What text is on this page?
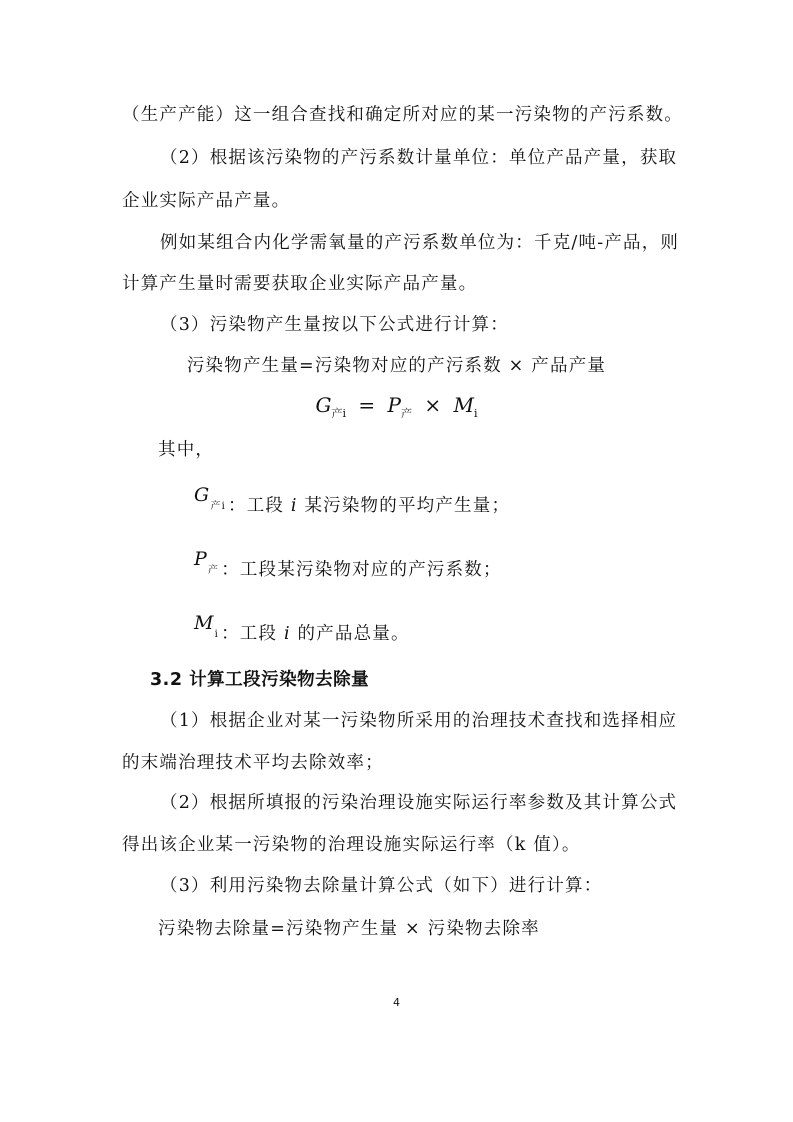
（生产产能）这一组合查找和确定所对应的某一污染物的产污系数。
（2）根据该污染物的产污系数计量单位：单位产品产量，获取
企业实际产品产量。
例如某组合内化学需氧量的产污系数单位为：千克/吨-产品，则
计算产生量时需要获取企业实际产品产量。
（3）污染物产生量按以下公式进行计算：
污染物产生量=污染物对应的产污系数 × 产品产量
$G_{产i} = P_产 \times M_i$
其中，
G产i ：工段 i 某污染物的平均产生量；
P产 ：工段某污染物对应的产污系数；
Mi ：工段 i 的产品总量。
3.2 计算工段污染物去除量
（1）根据企业对某一污染物所采用的治理技术查找和选择相应
的末端治理技术平均去除效率；
（2）根据所填报的污染治理设施实际运行率参数及其计算公式
得出该企业某一污染物的治理设施实际运行率（k 值）。
（3）利用污染物去除量计算公式（如下）进行计算：
污染物去除量=污染物产生量 × 污染物去除率
4
